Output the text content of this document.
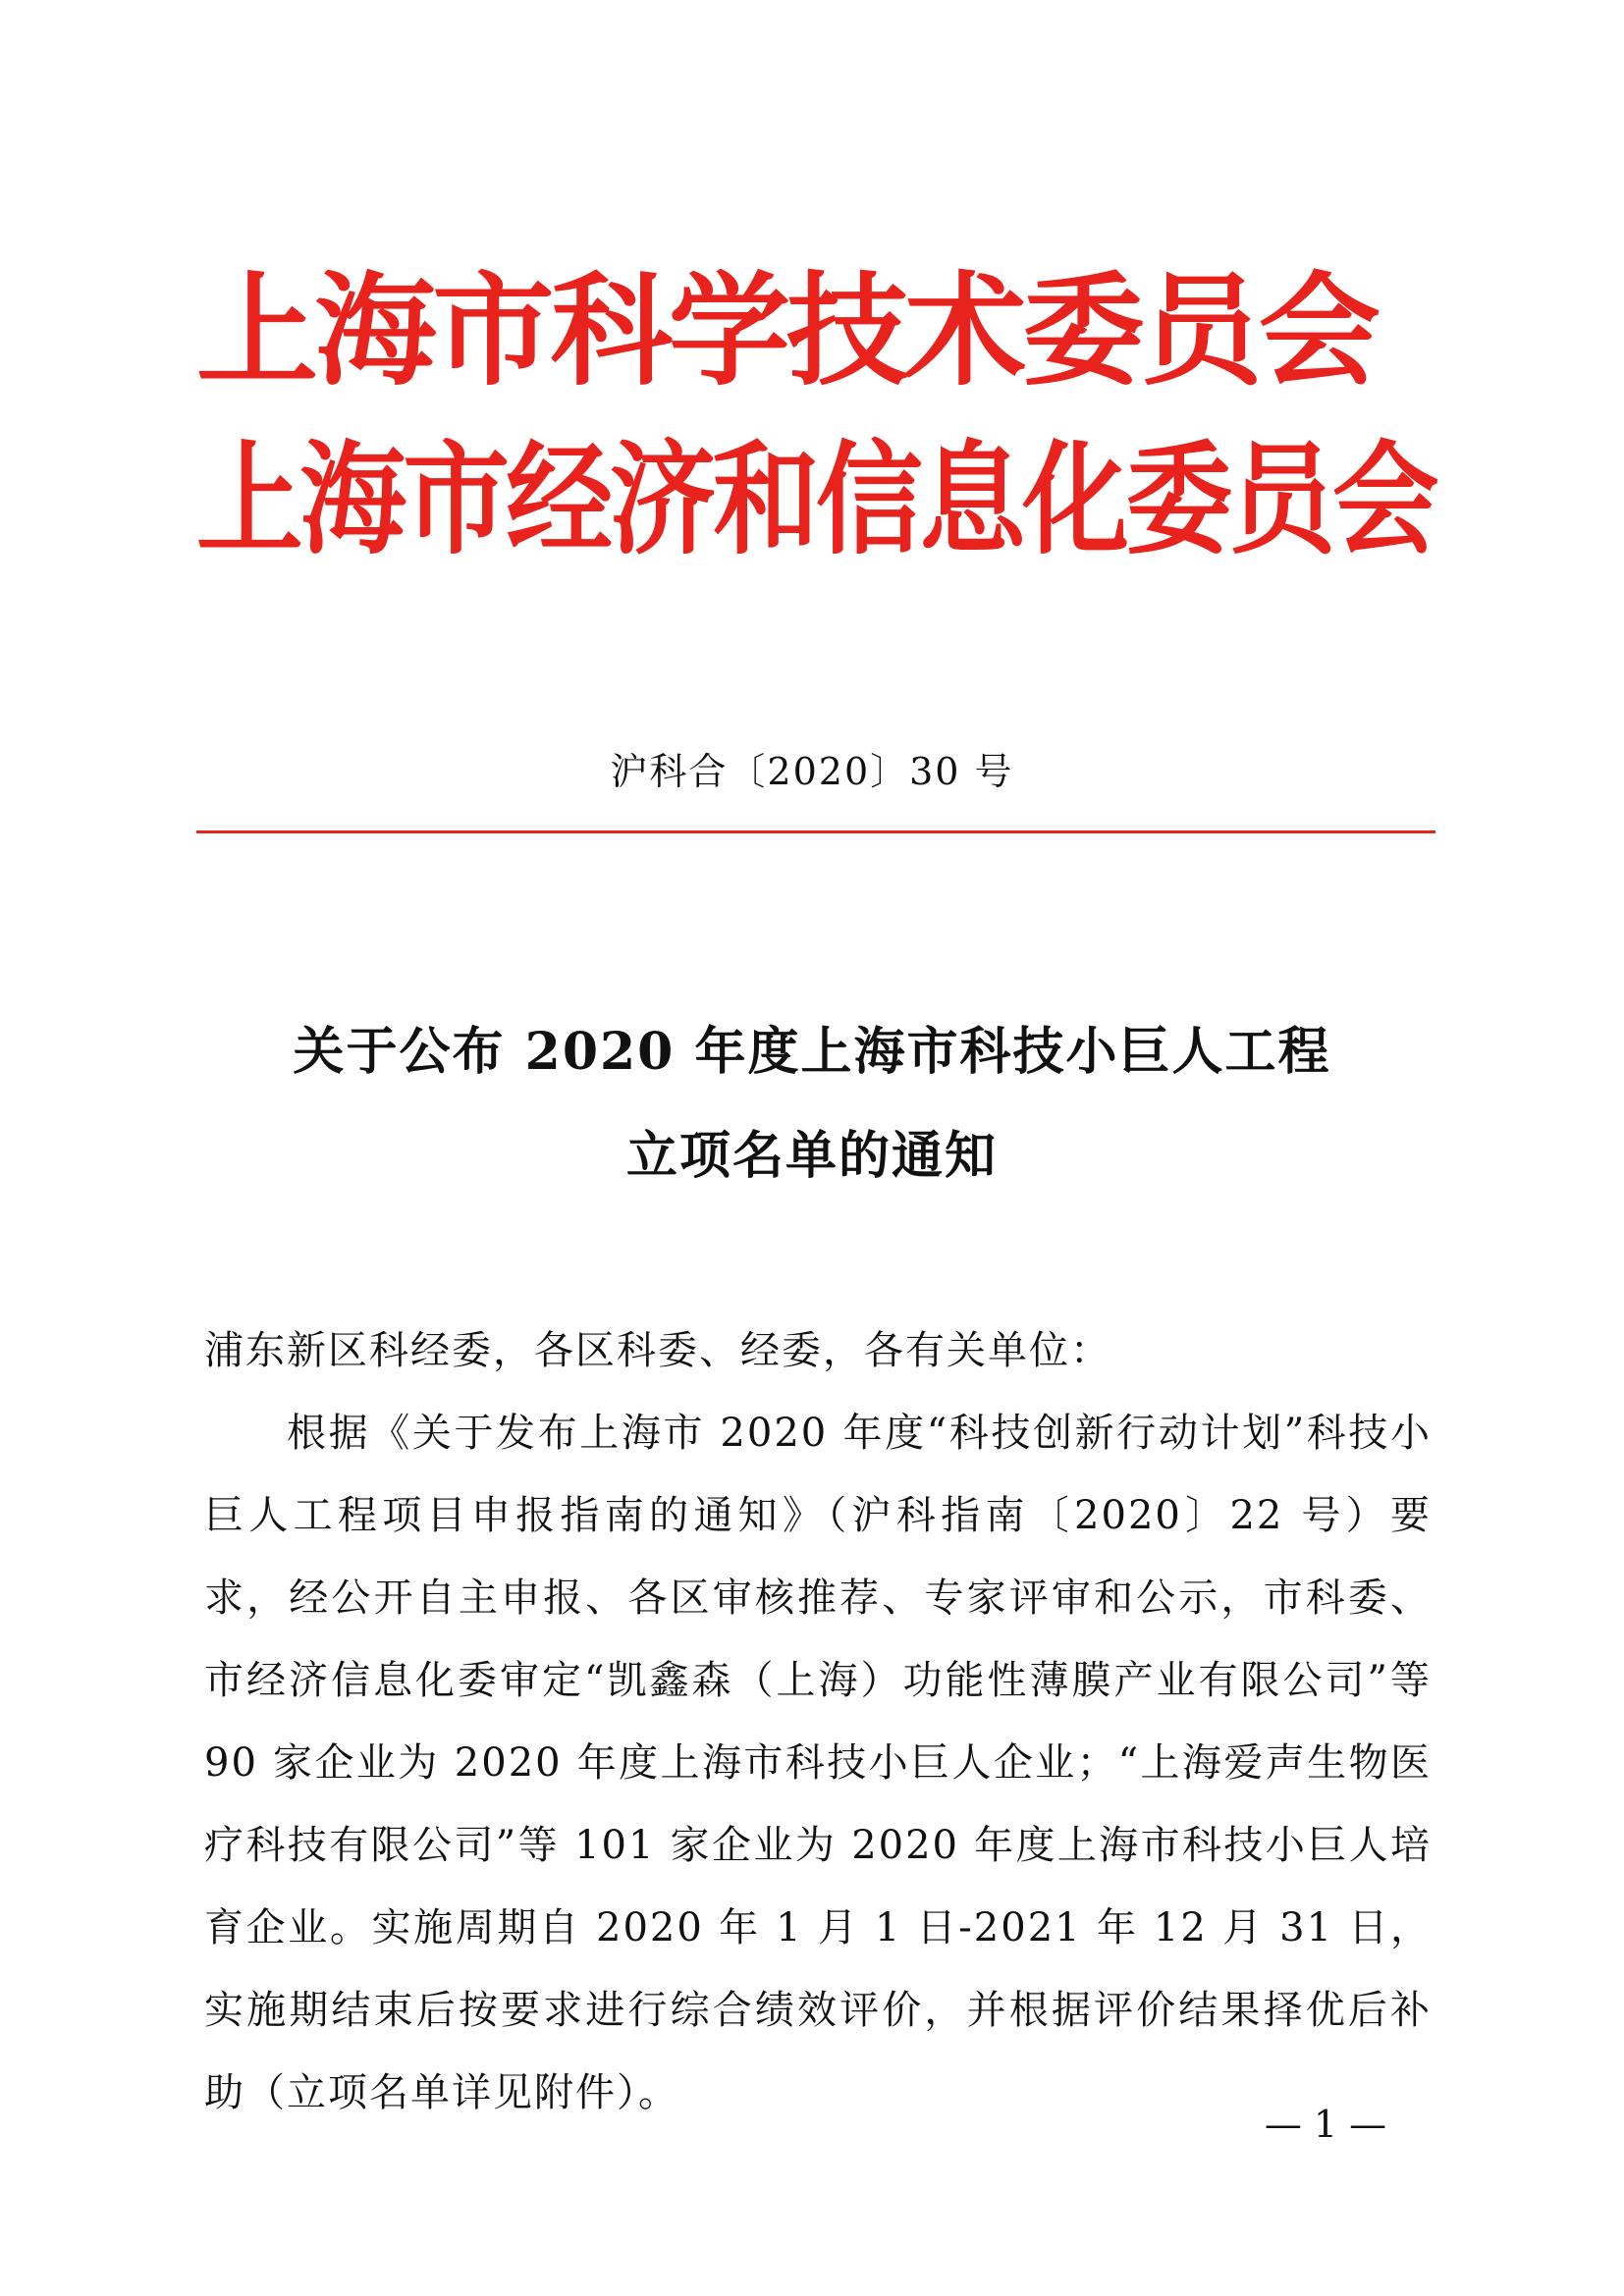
上海市科学技术委员会
上海市经济和信息化委员会
沪科合〔2020〕30 号
关于公布 2020 年度上海市科技小巨人工程
立项名单的通知
浦东新区科经委，各区科委、经委，各有关单位：
根据《关于发布上海市 2020 年度“科技创新行动计划”科技小巨人工程项目申报指南的通知》（沪科指南〔2020〕22 号）要求，经公开自主申报、各区审核推荐、专家评审和公示，市科委、市经济信息化委审定“凯鑫森（上海）功能性薄膜产业有限公司”等 90 家企业为 2020 年度上海市科技小巨人企业；“上海爱声生物医疗科技有限公司”等 101 家企业为 2020 年度上海市科技小巨人培育企业。实施周期自 2020 年 1 月 1 日-2021 年 12 月 31 日，实施期结束后按要求进行综合绩效评价，并根据评价结果择优后补助（立项名单详见附件）。
— 1 —
